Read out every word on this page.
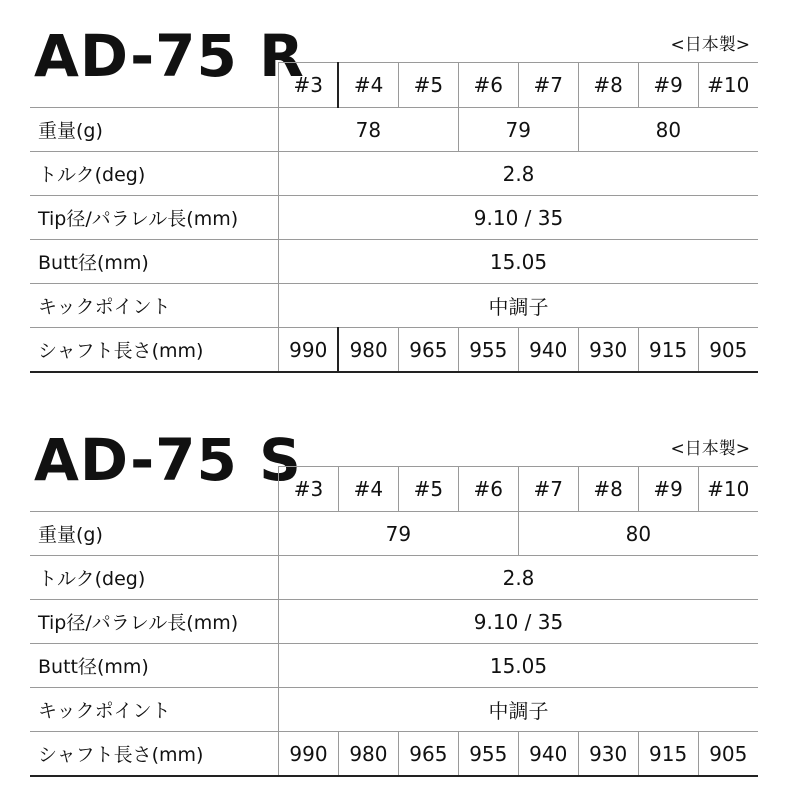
AD-75 R	<日本製>
	#3	#4	#5	#6	#7	#8	#9	#10
重量(g)	78			79		80		
トルク(deg)	2.8							
Tip径/パラレル長(mm)	9.10 / 35							
Butt径(mm)	15.05							
キックポイント	中調子							
シャフト長さ(mm)	990	980	965	955	940	930	915	905
AD-75 S	<日本製>
	#3	#4	#5	#6	#7	#8	#9	#10
重量(g)	79				80			
トルク(deg)	2.8							
Tip径/パラレル長(mm)	9.10 / 35							
Butt径(mm)	15.05							
キックポイント	中調子							
シャフト長さ(mm)	990	980	965	955	940	930	915	905
